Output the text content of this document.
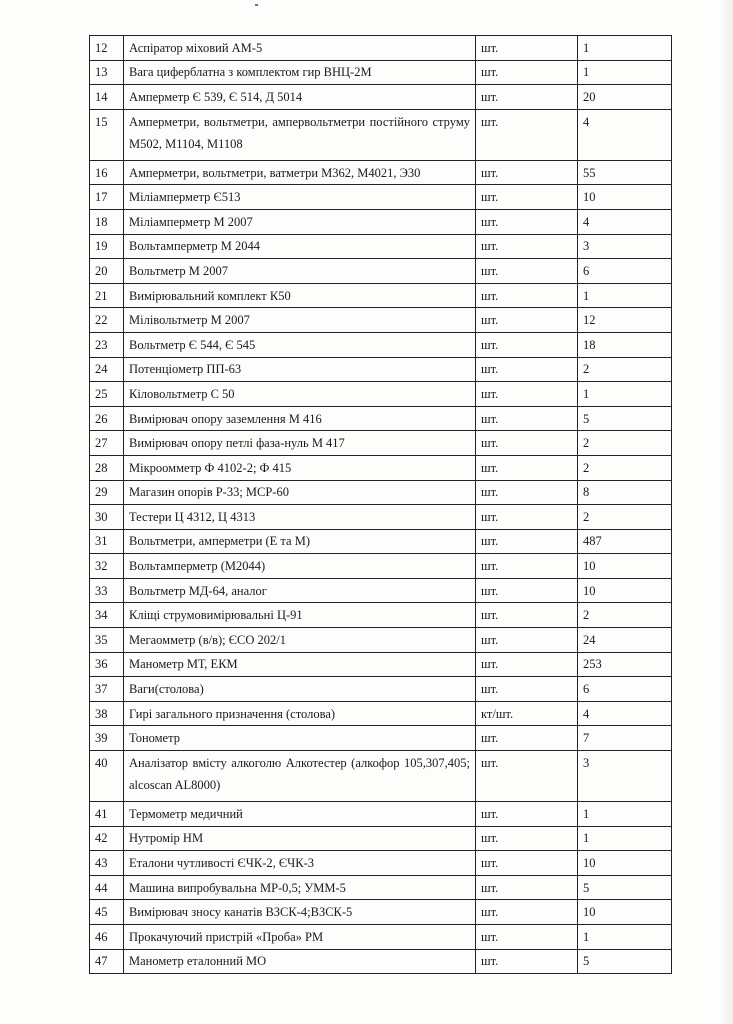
12	Аспіратор міховий АМ-5	шт.	1
13	Вага циферблатна з комплектом гир ВНЦ-2М	шт.	1
14	Амперметр Є 539, Є 514, Д 5014	шт.	20
15	Амперметри, вольтметри, ампервольтметри постійного струму М502, М1104, М1108	шт.	4
16	Амперметри, вольтметри, ватметри М362, М4021, Э30	шт.	55
17	Міліамперметр Є513	шт.	10
18	Міліамперметр М 2007	шт.	4
19	Вольтамперметр М 2044	шт.	3
20	Вольтметр М 2007	шт.	6
21	Вимірювальний комплект К50	шт.	1
22	Мілівольтметр М 2007	шт.	12
23	Вольтметр Є 544, Є 545	шт.	18
24	Потенціометр ПП-63	шт.	2
25	Кіловольтметр С 50	шт.	1
26	Вимірювач опору заземлення М 416	шт.	5
27	Вимірювач опору петлі фаза-нуль М 417	шт.	2
28	Мікроомметр Ф 4102-2; Ф 415	шт.	2
29	Магазин опорів Р-33; МСР-60	шт.	8
30	Тестери Ц 4312, Ц 4313	шт.	2
31	Вольтметри, амперметри (Е та М)	шт.	487
32	Вольтамперметр (М2044)	шт.	10
33	Вольтметр МД-64, аналог	шт.	10
34	Кліщі струмовимірювальні Ц-91	шт.	2
35	Мегаомметр (в/в); ЄСО 202/1	шт.	24
36	Манометр МТ, ЕКМ	шт.	253
37	Ваги(столова)	шт.	6
38	Гирі загального призначення (столова)	кт/шт.	4
39	Тонометр	шт.	7
40	Аналізатор вмісту алкоголю Алкотестер (алкофор 105,307,405; alcoscan AL8000)	шт.	3
41	Термометр медичний	шт.	1
42	Нутромір НМ	шт.	1
43	Еталони чутливості ЄЧК-2, ЄЧК-3	шт.	10
44	Машина випробувальна МР-0,5; УММ-5	шт.	5
45	Вимірювач зносу канатів ВЗСК-4;ВЗСК-5	шт.	10
46	Прокачуючий пристрій «Проба» РМ	шт.	1
47	Манометр еталонний МО	шт.	5
